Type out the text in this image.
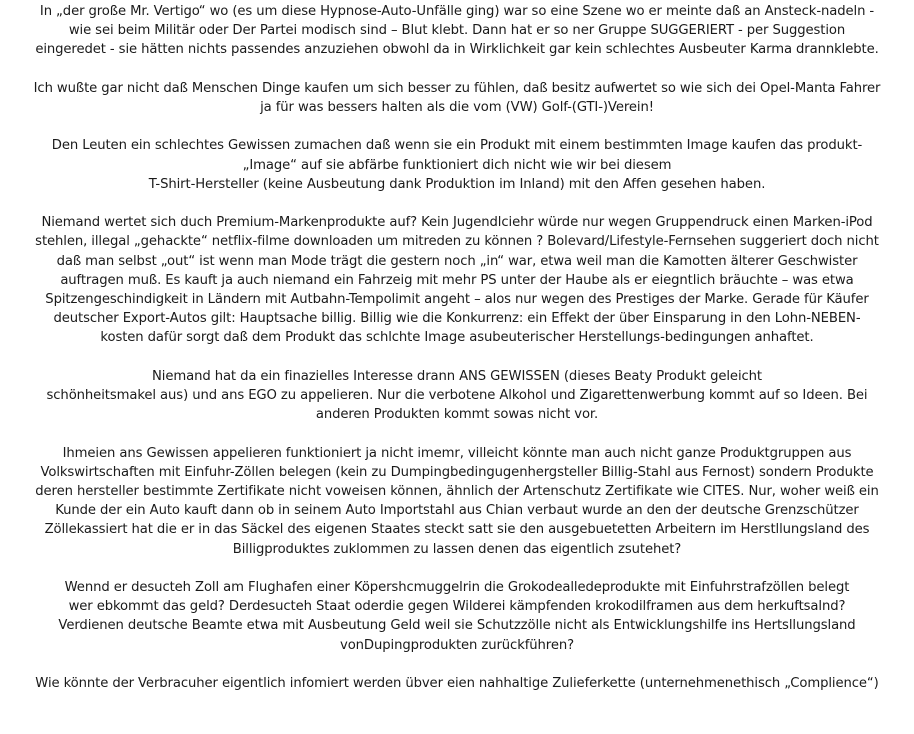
In „der große Mr. Vertigo“ wo (es um diese Hypnose-Auto-Unfälle ging) war so eine Szene wo er meinte daß an Ansteck-nadeln -
wie sei beim Militär oder Der Partei modisch sind – Blut klebt. Dann hat er so ner Gruppe SUGGERIERT - per Suggestion
eingeredet - sie hätten nichts passendes anzuziehen obwohl da in Wirklichkeit gar kein schlechtes Ausbeuter Karma drannklebte.

Ich wußte gar nicht daß Menschen Dinge kaufen um sich besser zu fühlen, daß besitz aufwertet so wie sich dei Opel-Manta Fahrer
ja für was bessers halten als die vom (VW) Golf-(GTI-)Verein!

Den Leuten ein schlechtes Gewissen zumachen daß wenn sie ein Produkt mit einem bestimmten Image kaufen das produkt-
„Image“ auf sie abfärbe funktioniert dich nicht wie wir bei diesem
T-Shirt-Hersteller (keine Ausbeutung dank Produktion im Inland) mit den Affen gesehen haben.

Niemand wertet sich duch Premium-Markenprodukte auf? Kein Jugendlciehr würde nur wegen Gruppendruck einen Marken-iPod
stehlen, illegal „gehackte“ netflix-filme downloaden um mitreden zu können ? Bolevard/Lifestyle-Fernsehen suggeriert doch nicht
daß man selbst „out“ ist wenn man Mode trägt die gestern noch „in“ war, etwa weil man die Kamotten älterer Geschwister
auftragen muß. Es kauft ja auch niemand ein Fahrzeig mit mehr PS unter der Haube als er eiegntlich bräuchte – was etwa
Spitzengeschindigkeit in Ländern mit Autbahn-Tempolimit angeht – alos nur wegen des Prestiges der Marke. Gerade für Käufer
deutscher Export-Autos gilt: Hauptsache billig. Billig wie die Konkurrenz: ein Effekt der über Einsparung in den Lohn-NEBEN-
kosten dafür sorgt daß dem Produkt das schlchte Image asubeuterischer Herstellungs-bedingungen anhaftet.

Niemand hat da ein finazielles Interesse drann ANS GEWISSEN (dieses Beaty Produkt geleicht
schönheitsmakel aus) und ans EGO zu appelieren. Nur die verbotene Alkohol und Zigarettenwerbung kommt auf so Ideen. Bei
anderen Produkten kommt sowas nicht vor.

Ihmeien ans Gewissen appelieren funktioniert ja nicht imemr, villeicht könnte man auch nicht ganze Produktgruppen aus
Volkswirtschaften mit Einfuhr-Zöllen belegen (kein zu Dumpingbedingugenhergsteller Billig-Stahl aus Fernost) sondern Produkte
deren hersteller bestimmte Zertifikate nicht voweisen können, ähnlich der Artenschutz Zertifikate wie CITES. Nur, woher weiß ein
Kunde der ein Auto kauft dann ob in seinem Auto Importstahl aus Chian verbaut wurde an den der deutsche Grenzschützer
Zöllekassiert hat die er in das Säckel des eigenen Staates steckt satt sie den ausgebuetetten Arbeitern im Herstllungsland des
Billigproduktes zuklommen zu lassen denen das eigentlich zsutehet?

Wennd er desucteh Zoll am Flughafen einer Köpershcmuggelrin die Grokodealledeprodukte mit Einfuhrstrafzöllen belegt
wer ebkommt das geld? Derdesucteh Staat oderdie gegen Wilderei kämpfenden krokodilframen aus dem herkuftsalnd?
Verdienen deutsche Beamte etwa mit Ausbeutung Geld weil sie Schutzzölle nicht als Entwicklungshilfe ins Hertsllungsland
vonDupingprodukten zurückführen?

Wie könnte der Verbracuher eigentlich infomiert werden übver eien nahhaltige Zulieferkette (unternehmenethisch „Complience“)
